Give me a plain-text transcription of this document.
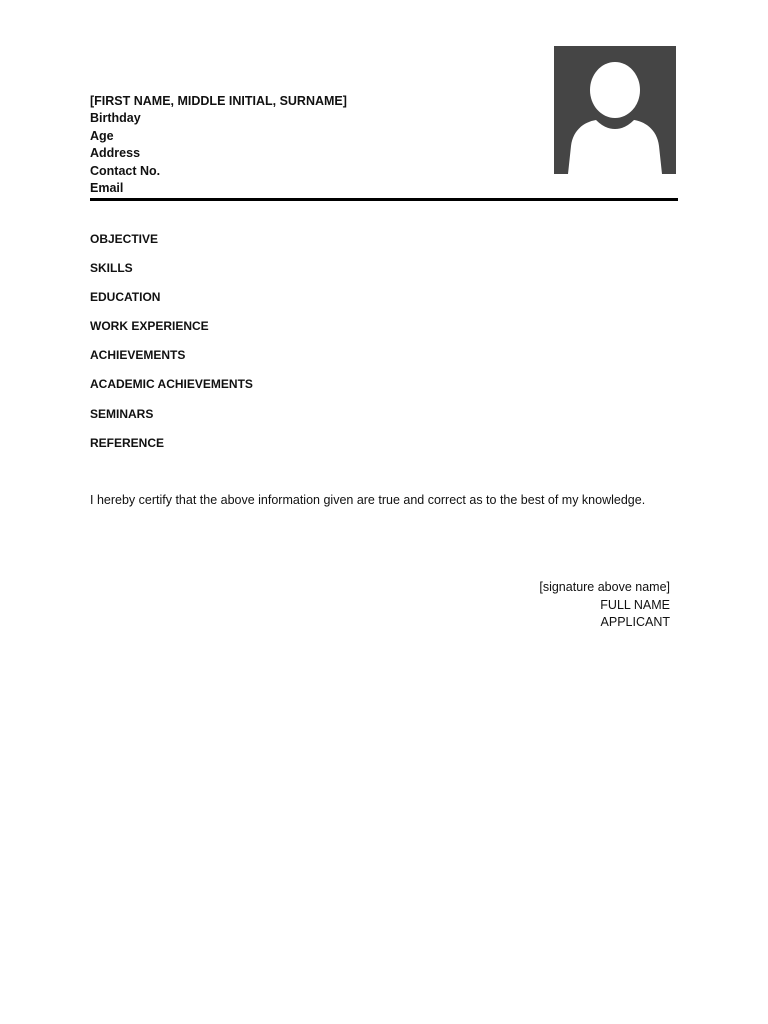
[FIRST NAME, MIDDLE INITIAL, SURNAME]
Birthday
Age
Address
Contact No.
Email
OBJECTIVE
SKILLS
EDUCATION
WORK EXPERIENCE
ACHIEVEMENTS
ACADEMIC ACHIEVEMENTS
SEMINARS
REFERENCE
I hereby certify that the above information given are true and correct as to the best of my knowledge.
[signature above name]
FULL NAME
APPLICANT
